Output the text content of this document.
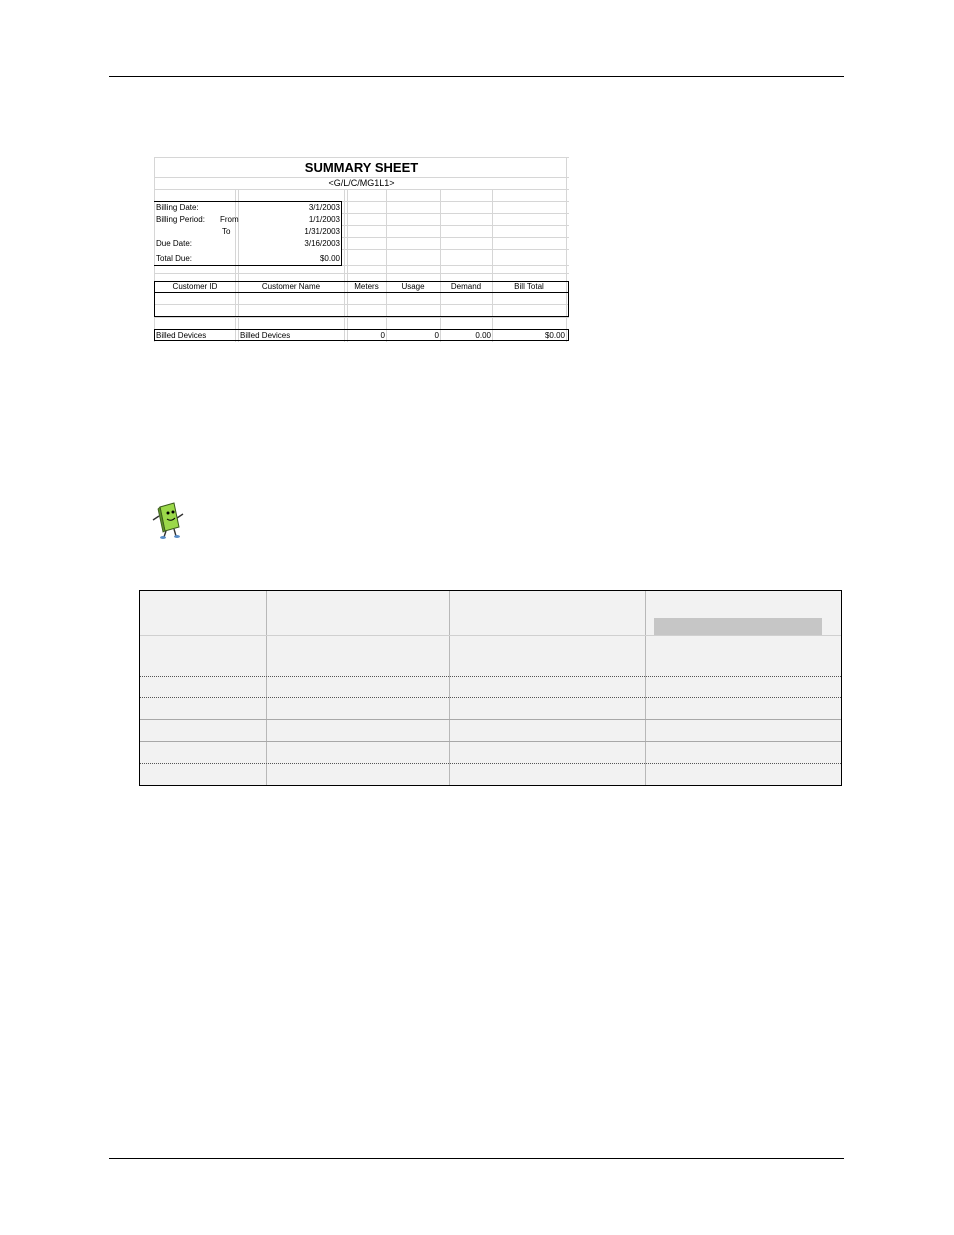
SUMMARY SHEET
<G/L/C/MG1L1>
Billing Date:	3/1/2003
Billing Period: From	1/1/2003
To	1/31/2003
Due Date:	3/16/2003
Total Due:	$0.00
Customer ID	Customer Name	Meters	Usage	Demand	Bill Total
Billed Devices	Billed Devices	0	0	0.00	$0.00
